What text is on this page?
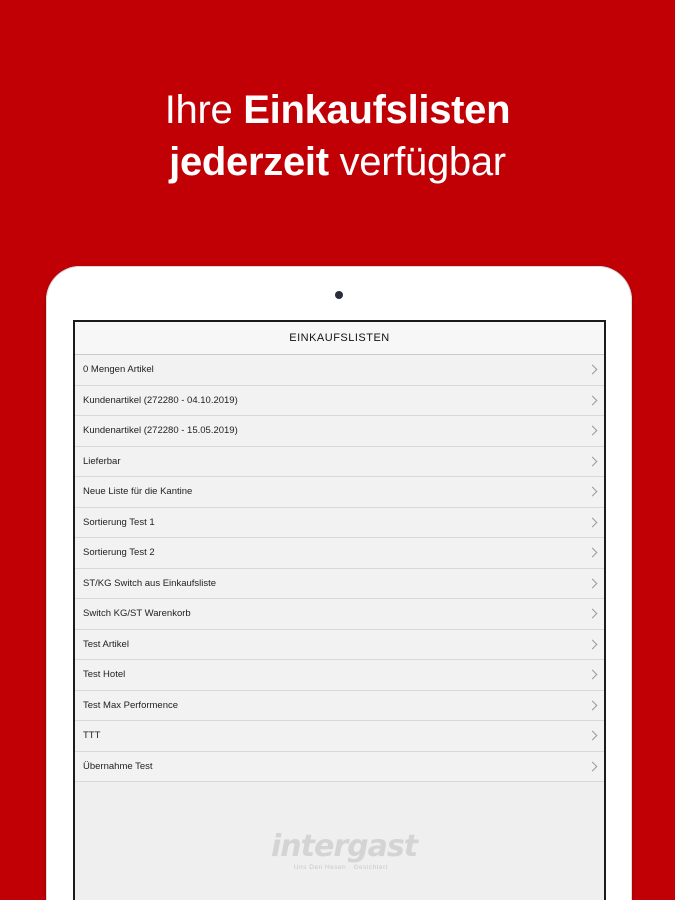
Ihre Einkaufslisten
jederzeit verfügbar
EINKAUFSLISTEN
0 Mengen Artikel
Kundenartikel (272280 - 04.10.2019)
Kundenartikel (272280 - 15.05.2019)
Lieferbar
Neue Liste für die Kantine
Sortierung Test 1
Sortierung Test 2
ST/KG Switch aus Einkaufsliste
Switch KG/ST Warenkorb
Test Artikel
Test Hotel
Test Max Performence
TTT
Übernahme Test
intergast
Uns Den Hesen · Gesichtert
